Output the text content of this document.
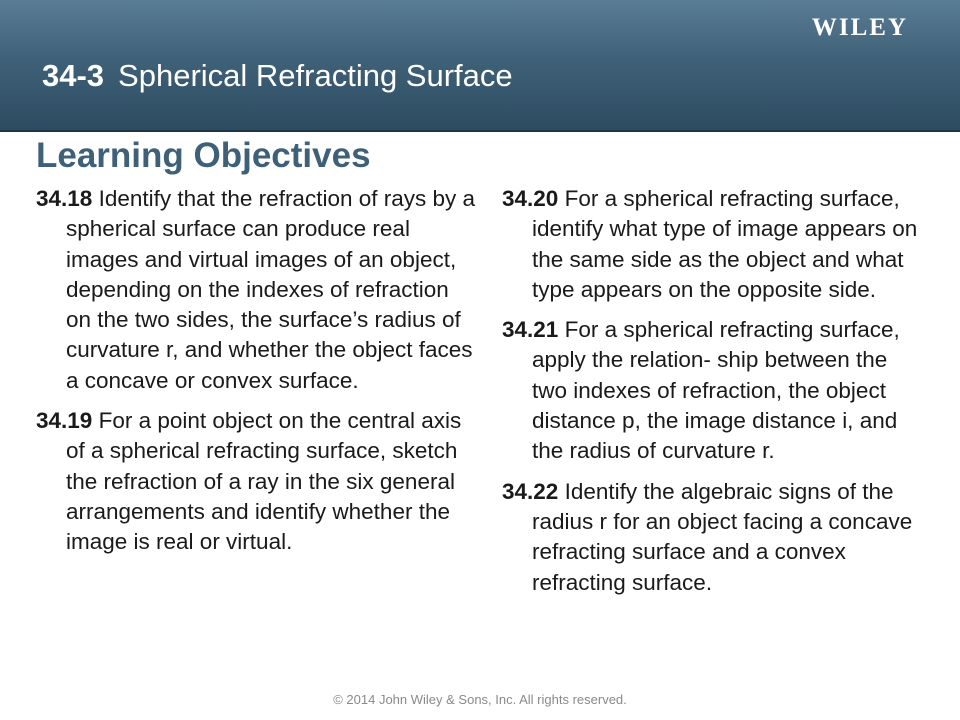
WILEY
34-3 Spherical Refracting Surface
Learning Objectives

34.18 Identify that the refraction of rays by a spherical surface can produce real images and virtual images of an object, depending on the indexes of refraction on the two sides, the surface’s radius of curvature r, and whether the object faces a concave or convex surface.

34.19 For a point object on the central axis of a spherical refracting surface, sketch the refraction of a ray in the six general arrangements and identify whether the image is real or virtual.

34.20 For a spherical refracting surface, identify what type of image appears on the same side as the object and what type appears on the opposite side.

34.21 For a spherical refracting surface, apply the relation- ship between the two indexes of refraction, the object distance p, the image distance i, and the radius of curvature r.

34.22 Identify the algebraic signs of the radius r for an object facing a concave refracting surface and a convex refracting surface.

© 2014 John Wiley & Sons, Inc. All rights reserved.
